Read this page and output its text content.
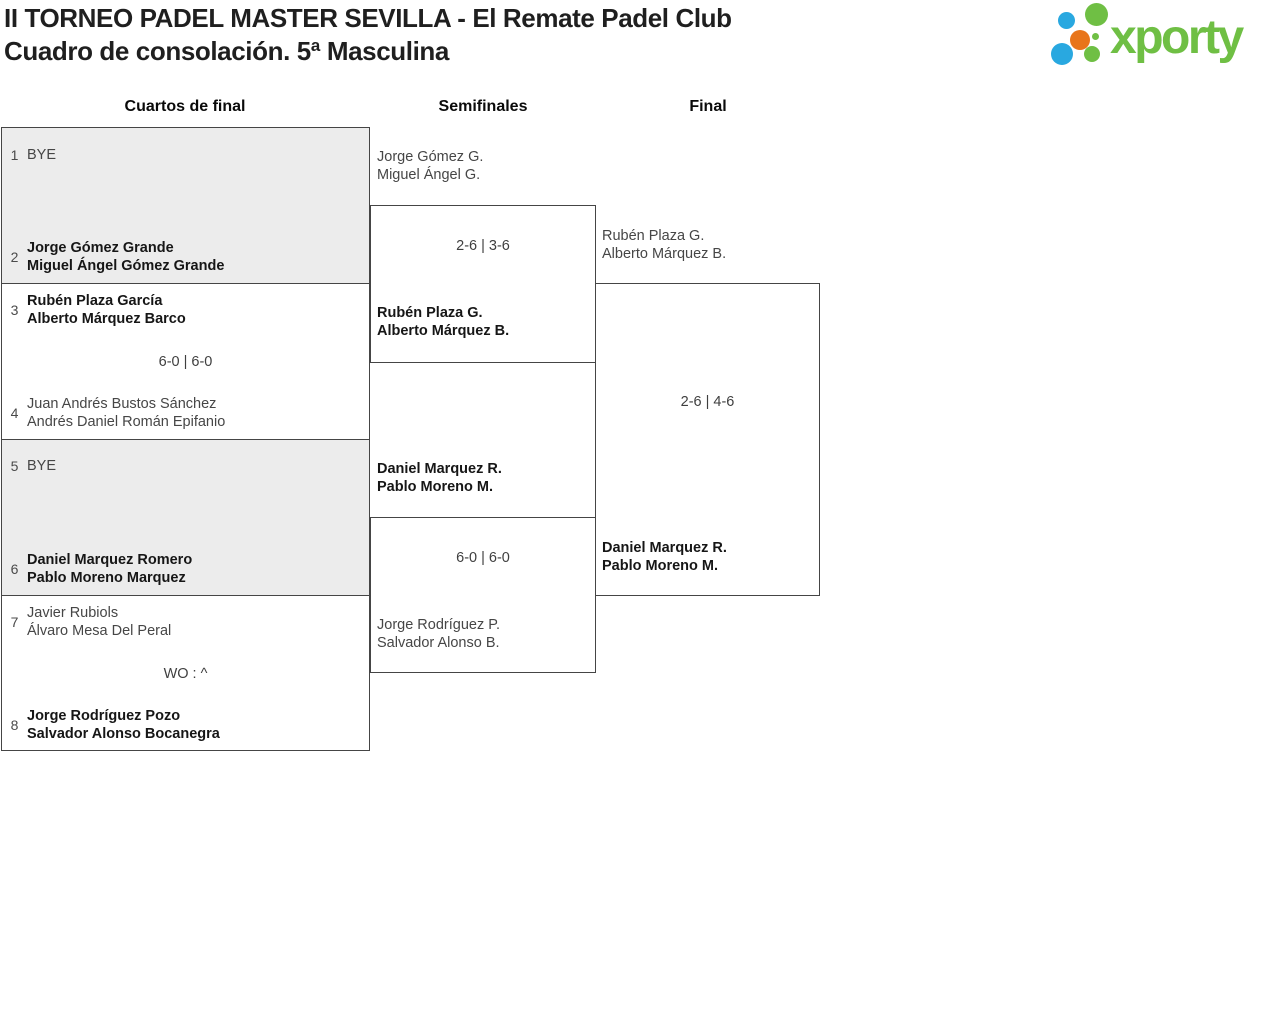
II TORNEO PADEL MASTER SEVILLA - El Remate Padel Club
Cuadro de consolación. 5ª Masculina	xporty
Cuartos de final	Semifinales	Final
1 BYE
2
Jorge Gómez Grande
Miguel Ángel Gómez Grande
3
Rubén Plaza García
Alberto Márquez Barco
6-0 | 6-0
4
Juan Andrés Bustos Sánchez
Andrés Daniel Román Epifanio
5 BYE
6
Daniel Marquez Romero
Pablo Moreno Marquez
7
Javier Rubiols
Álvaro Mesa Del Peral
WO : ^
8
Jorge Rodríguez Pozo
Salvador Alonso Bocanegra
Jorge Gómez G.
Miguel Ángel G.
2-6 | 3-6
Rubén Plaza G.
Alberto Márquez B.
Daniel Marquez R.
Pablo Moreno M.
6-0 | 6-0
Jorge Rodríguez P.
Salvador Alonso B.
Rubén Plaza G.
Alberto Márquez B.
2-6 | 4-6
Daniel Marquez R.
Pablo Moreno M.
